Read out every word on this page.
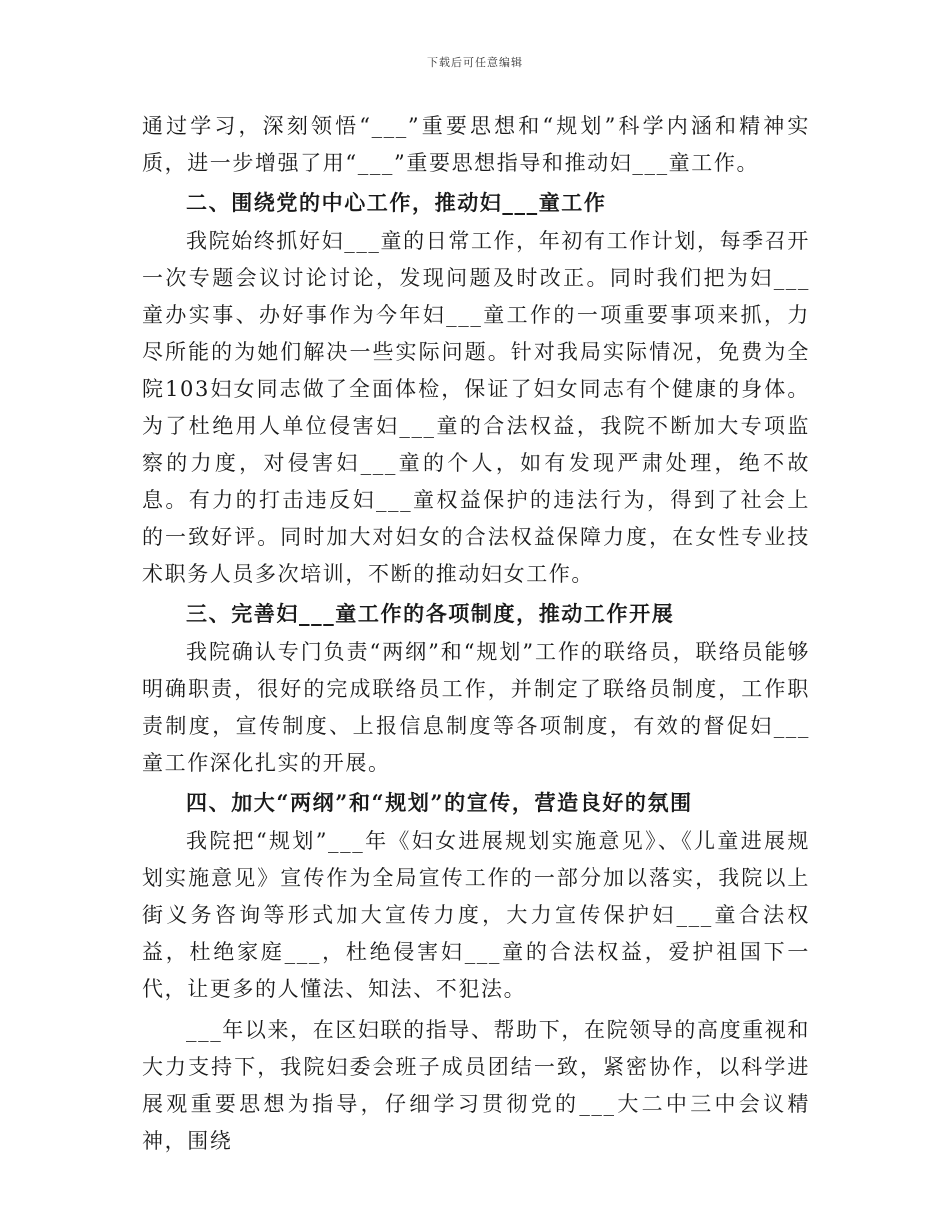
下载后可任意编辑

通过学习，深刻领悟“___”重要思想和“规划”科学内涵和精神实质，进一步增强了用“___”重要思想指导和推动妇___童工作。

二、围绕党的中心工作，推动妇___童工作

我院始终抓好妇___童的日常工作，年初有工作计划，每季召开一次专题会议讨论讨论，发现问题及时改正。同时我们把为妇___童办实事、办好事作为今年妇___童工作的一项重要事项来抓，力尽所能的为她们解决一些实际问题。针对我局实际情况，免费为全院103妇女同志做了全面体检，保证了妇女同志有个健康的身体。为了杜绝用人单位侵害妇___童的合法权益，我院不断加大专项监察的力度，对侵害妇___童的个人，如有发现严肃处理，绝不故息。有力的打击违反妇___童权益保护的违法行为，得到了社会上的一致好评。同时加大对妇女的合法权益保障力度，在女性专业技术职务人员多次培训，不断的推动妇女工作。

三、完善妇___童工作的各项制度，推动工作开展

我院确认专门负责“两纲”和“规划”工作的联络员，联络员能够明确职责，很好的完成联络员工作，并制定了联络员制度，工作职责制度，宣传制度、上报信息制度等各项制度，有效的督促妇___童工作深化扎实的开展。

四、加大“两纲”和“规划”的宣传，营造良好的氛围

我院把“规划”___年《妇女进展规划实施意见》、《儿童进展规划实施意见》宣传作为全局宣传工作的一部分加以落实，我院以上街义务咨询等形式加大宣传力度，大力宣传保护妇___童合法权益，杜绝家庭___，杜绝侵害妇___童的合法权益，爱护祖国下一代，让更多的人懂法、知法、不犯法。

___年以来，在区妇联的指导、帮助下，在院领导的高度重视和大力支持下，我院妇委会班子成员团结一致，紧密协作，以科学进展观重要思想为指导，仔细学习贯彻党的___大二中三中会议精神，围绕
